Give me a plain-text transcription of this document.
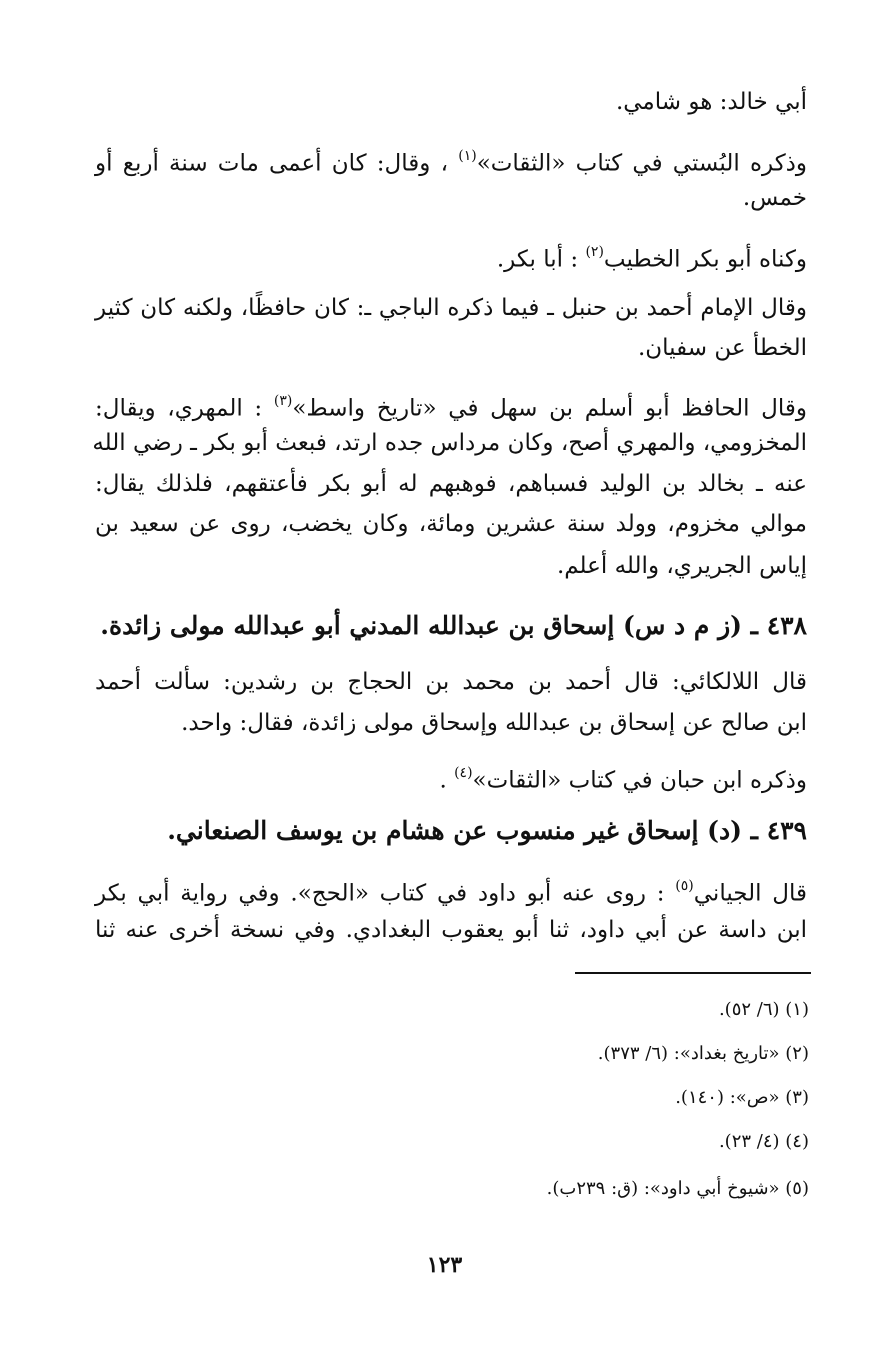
أبي خالد: هو شامي.
وذكره البُستي في كتاب «الثقات»$^{(١)}$ ، وقال: كان أعمى مات سنة أربع أو
خمس.
وكناه أبو بكر الخطيب$^{(٢)}$ : أبا بكر.
وقال الإمام أحمد بن حنبل ـ فيما ذكره الباجي ـ: كان حافظًا، ولكنه كان كثير
الخطأ عن سفيان.
وقال الحافظ أبو أسلم بن سهل في «تاريخ واسط»$^{(٣)}$ : المهري، ويقال:
المخزومي، والمهري أصح، وكان مرداس جده ارتد، فبعث أبو بكر ـ رضي الله
عنه ـ بخالد بن الوليد فسباهم، فوهبهم له أبو بكر فأعتقهم، فلذلك يقال:
موالي مخزوم، وولد سنة عشرين ومائة، وكان يخضب، روى عن سعيد بن
إياس الجريري، والله أعلم.
٤٣٨ ـ (ز م د س) إسحاق بن عبدالله المدني أبو عبدالله مولى زائدة.
قال اللالكائي: قال أحمد بن محمد بن الحجاج بن رشدين: سألت أحمد
ابن صالح عن إسحاق بن عبدالله وإسحاق مولى زائدة، فقال: واحد.
وذكره ابن حبان في كتاب «الثقات»$^{(٤)}$ .
٤٣٩ ـ (د) إسحاق غير منسوب عن هشام بن يوسف الصنعاني.
قال الجياني$^{(٥)}$ : روى عنه أبو داود في كتاب «الحج». وفي رواية أبي بكر
ابن داسة عن أبي داود، ثنا أبو يعقوب البغدادي. وفي نسخة أخرى عنه ثنا
(١) (٦/ ٥٢).
(٢) «تاريخ بغداد»: (٦/ ٣٧٣).
(٣) «ص»: (١٤٠).
(٤) (٤/ ٢٣).
(٥) «شيوخ أبي داود»: (ق: ٢٣٩ب).
١٢٣
